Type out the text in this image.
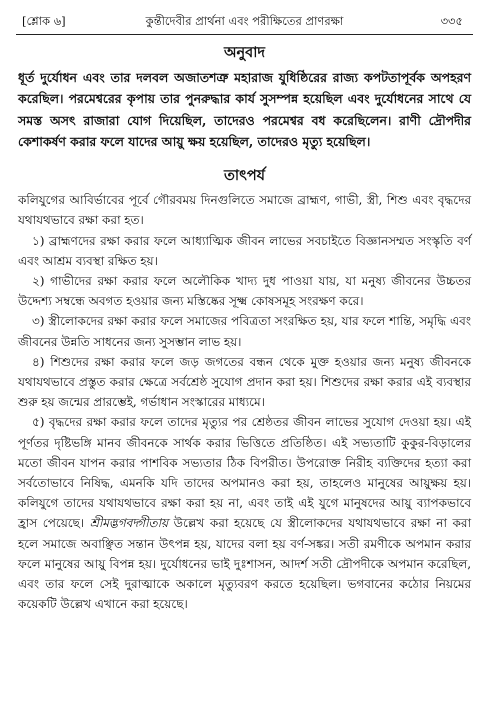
[শ্লোক ৬]	কুন্তীদেবীর প্রার্থনা এবং পরীক্ষিতের প্রাণরক্ষা	৩৩৫
অনুবাদ
ধূর্ত দুর্যোধন এবং তার দলবল অজাতশত্রু মহারাজ যুধিষ্ঠিরের রাজ্য কপটতাপূর্বক অপহরণ করেছিল। পরমেশ্বরের কৃপায় তার পুনরুদ্ধার কার্য সুসম্পন্ন হয়েছিল এবং দুর্যোধনের সাথে যে সমস্ত অসৎ রাজারা যোগ দিয়েছিল, তাদেরও পরমেশ্বর বধ করেছিলেন। রাণী দ্রৌপদীর কেশাকর্ষণ করার ফলে যাদের আয়ু ক্ষয় হয়েছিল, তাদেরও মৃত্যু হয়েছিল।
তাৎপর্য

কলিযুগের আবির্ভাবের পূর্বে গৌরবময় দিনগুলিতে সমাজে ব্রাহ্মণ, গাভী, স্ত্রী, শিশু এবং বৃদ্ধদের যথাযথভাবে রক্ষা করা হত।

১) ব্রাহ্মণদের রক্ষা করার ফলে আধ্যাত্মিক জীবন লাভের সবচাইতে বিজ্ঞানসম্মত সংস্কৃতি বর্ণ এবং আশ্রম ব্যবস্থা রক্ষিত হয়।

২) গাভীদের রক্ষা করার ফলে অলৌকিক খাদ্য দুধ পাওয়া যায়, যা মনুষ্য জীবনের উচ্চতর উদ্দেশ্য সম্বন্ধে অবগত হওয়ার জন্য মস্তিষ্কের সূক্ষ্ম কোষসমূহ সংরক্ষণ করে।

৩) স্ত্রীলোকদের রক্ষা করার ফলে সমাজের পবিত্রতা সংরক্ষিত হয়, যার ফলে শান্তি, সমৃদ্ধি এবং জীবনের উন্নতি সাধনের জন্য সুসম্ভান লাভ হয়।

৪) শিশুদের রক্ষা করার ফলে জড় জগতের বন্ধন থেকে মুক্ত হওয়ার জন্য মনুষ্য জীবনকে যথাযথভাবে প্রস্তুত করার ক্ষেত্রে সর্বশ্রেষ্ঠ সুযোগ প্রদান করা হয়। শিশুদের রক্ষা করার এই ব্যবস্থার শুরু হয় জন্মের প্রারম্ভেই, গর্ভাধান সংস্কারের মাধ্যমে।

৫) বৃদ্ধদের রক্ষা করার ফলে তাদের মৃত্যুর পর শ্রেষ্ঠতর জীবন লাভের সুযোগ দেওয়া হয়। এই পূর্ণতর দৃষ্টিভঙ্গি মানব জীবনকে সার্থক করার ভিত্তিতে প্রতিষ্ঠিত। এই সভ্যতাটি কুকুর-বিড়ালের মতো জীবন যাপন করার পাশবিক সভ্যতার ঠিক বিপরীত। উপরোক্ত নিরীহ ব্যক্তিদের হত্যা করা সর্বতোভাবে নিষিদ্ধ, এমনকি যদি তাদের অপমানও করা হয়, তাহলেও মানুষের আয়ুক্ষয় হয়। কলিযুগে তাদের যথাযথভাবে রক্ষা করা হয় না, এবং তাই এই যুগে মানুষদের আয়ু ব্যাপকভাবে হ্রাস পেয়েছে। শ্রীমদ্ভগবদ্গীতায় উল্লেখ করা হয়েছে যে স্ত্রীলোকদের যথাযথভাবে রক্ষা না করা হলে সমাজে অবাঞ্ছিত সন্তান উৎপন্ন হয়, যাদের বলা হয় বর্ণ-সঙ্কর। সতী রমণীকে অপমান করার ফলে মানুষের আয়ু বিপন্ন হয়। দুর্যোধনের ভাই দুঃশাসন, আদর্শ সতী দ্রৌপদীকে অপমান করেছিল, এবং তার ফলে সেই দুরাত্মাকে অকালে মৃত্যুবরণ করতে হয়েছিল। ভগবানের কঠোর নিয়মের কয়েকটি উল্লেখ এখানে করা হয়েছে।
